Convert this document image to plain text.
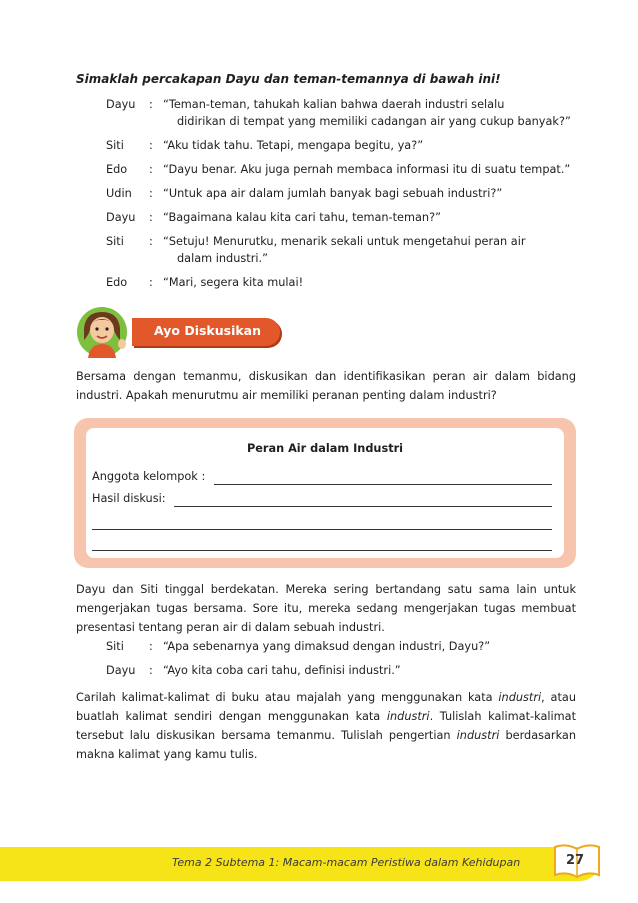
Simaklah percakapan Dayu dan teman-temannya di bawah ini!
Dayu	: “Teman-teman, tahukah kalian bahwa daerah industri selalu
didirikan di tempat yang memiliki cadangan air yang cukup banyak?”
Siti	: “Aku tidak tahu. Tetapi, mengapa begitu, ya?”
Edo	: “Dayu benar. Aku juga pernah membaca informasi itu di suatu tempat.”
Udin	: “Untuk apa air dalam jumlah banyak bagi sebuah industri?”
Dayu	: “Bagaimana kalau kita cari tahu, teman-teman?”
Siti	: “Setuju! Menurutku, menarik sekali untuk mengetahui peran air
dalam industri.”
Edo	: “Mari, segera kita mulai!
Ayo Diskusikan
Bersama dengan temanmu, diskusikan dan identifikasikan peran air dalam bidang industri. Apakah menurutmu air memiliki peranan penting dalam industri?
Peran Air dalam Industri
Anggota kelompok :
Hasil diskusi:
Dayu dan Siti tinggal berdekatan. Mereka sering bertandang satu sama lain untuk mengerjakan tugas bersama. Sore itu, mereka sedang mengerjakan tugas membuat presentasi tentang peran air di dalam sebuah industri.
Siti	: “Apa sebenarnya yang dimaksud dengan industri, Dayu?”
Dayu	: “Ayo kita coba cari tahu, definisi industri.”
Carilah kalimat-kalimat di buku atau majalah yang menggunakan kata industri, atau buatlah kalimat sendiri dengan menggunakan kata industri. Tulislah kalimat-kalimat tersebut lalu diskusikan bersama temanmu. Tulislah pengertian industri berdasarkan makna kalimat yang kamu tulis.
Tema 2 Subtema 1: Macam-macam Peristiwa dalam Kehidupan	27
